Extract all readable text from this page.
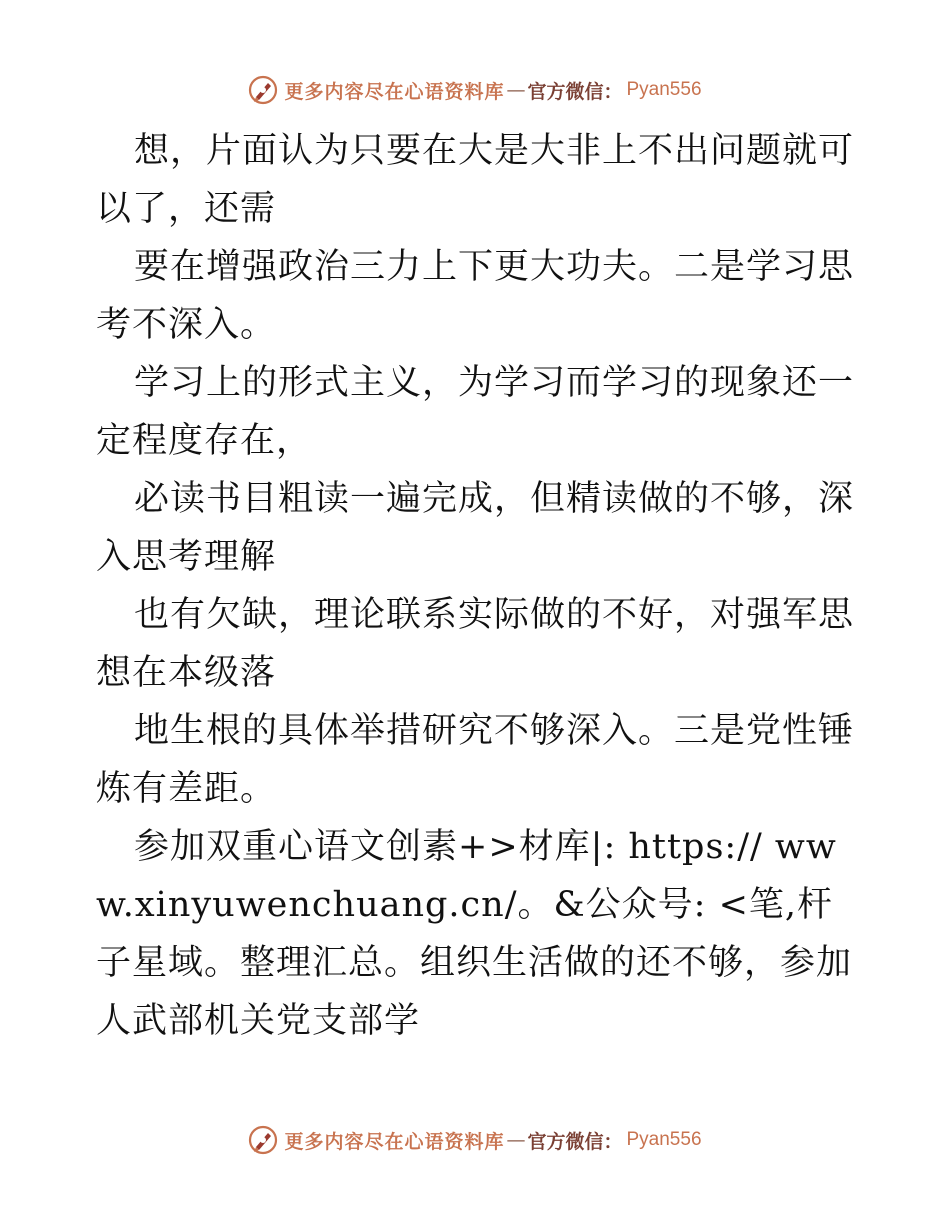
更多内容尽在心语资料库 — 官方微信： Pyan556

想，片面认为只要在大是大非上不出问题就可以了，还需

要在增强政治三力上下更大功夫。二是学习思考不深入。

学习上的形式主义，为学习而学习的现象还一定程度存在，

必读书目粗读一遍完成，但精读做的不够，深入思考理解

也有欠缺，理论联系实际做的不好，对强军思想在本级落

地生根的具体举措研究不够深入。三是党性锤炼有差距。

参加双重心语文创素+>材库|: https:// www.xinyuwenchuang.cn/。&公众号: <笔,杆子星域。整理汇总。组织生活做的还不够，参加人武部机关党支部学

更多内容尽在心语资料库 — 官方微信： Pyan556
